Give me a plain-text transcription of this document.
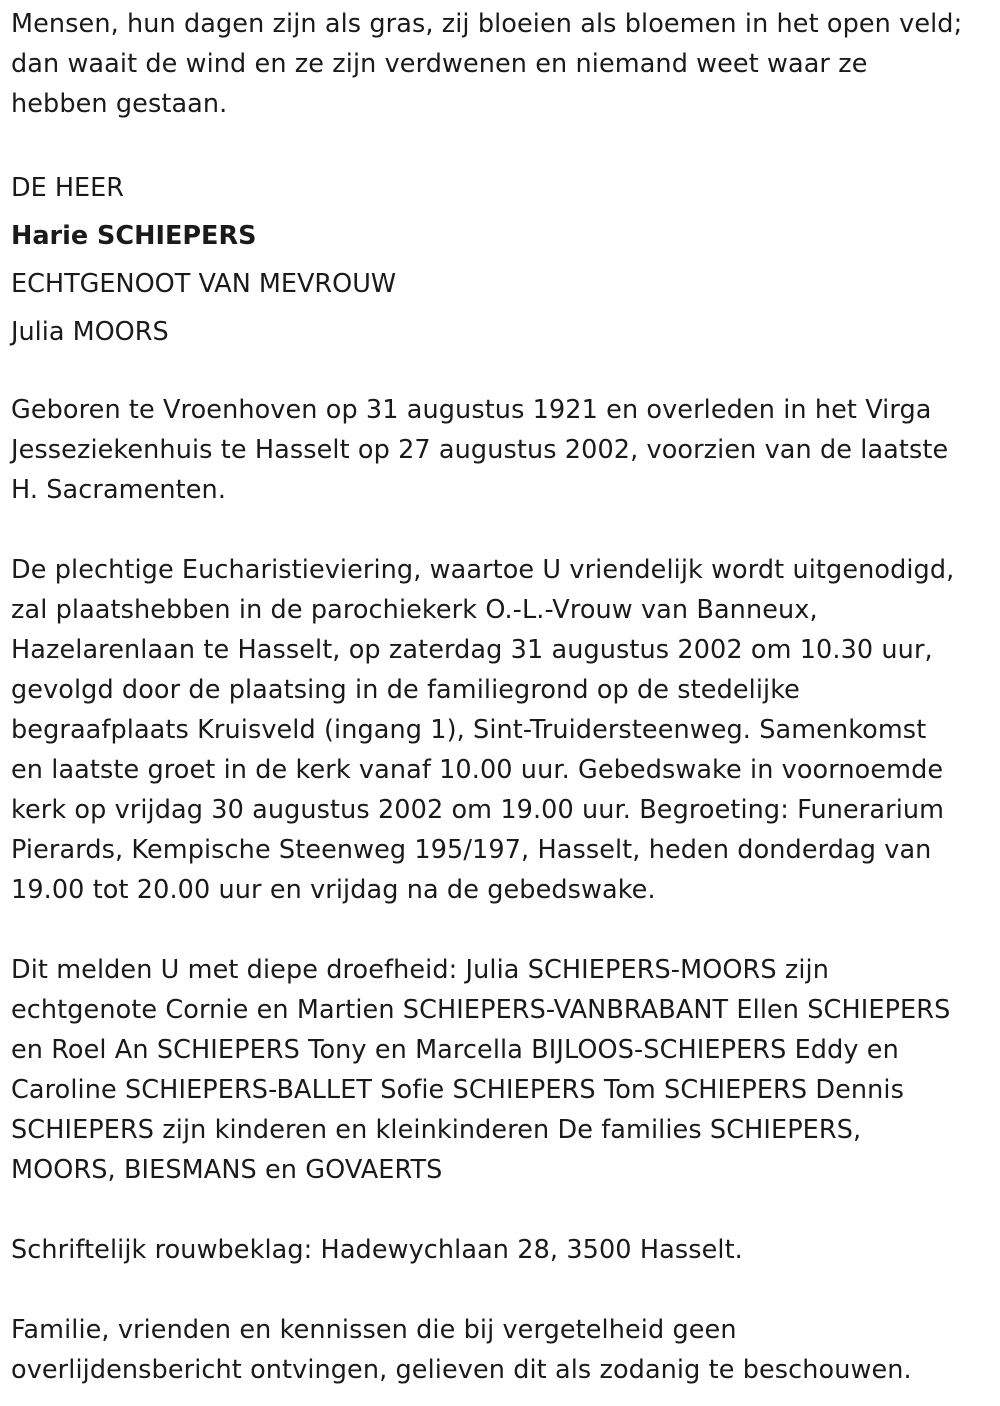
Mensen, hun dagen zijn als gras, zij bloeien als bloemen in het open veld;
dan waait de wind en ze zijn verdwenen en niemand weet waar ze
hebben gestaan.

DE HEER
Harie SCHIEPERS
ECHTGENOOT VAN MEVROUW
Julia MOORS

Geboren te Vroenhoven op 31 augustus 1921 en overleden in het Virga
Jesseziekenhuis te Hasselt op 27 augustus 2002, voorzien van de laatste
H. Sacramenten.

De plechtige Eucharistieviering, waartoe U vriendelijk wordt uitgenodigd,
zal plaatshebben in de parochiekerk O.-L.-Vrouw van Banneux,
Hazelarenlaan te Hasselt, op zaterdag 31 augustus 2002 om 10.30 uur,
gevolgd door de plaatsing in de familiegrond op de stedelijke
begraafplaats Kruisveld (ingang 1), Sint-Truidersteenweg. Samenkomst
en laatste groet in de kerk vanaf 10.00 uur. Gebedswake in voornoemde
kerk op vrijdag 30 augustus 2002 om 19.00 uur. Begroeting: Funerarium
Pierards, Kempische Steenweg 195/197, Hasselt, heden donderdag van
19.00 tot 20.00 uur en vrijdag na de gebedswake.

Dit melden U met diepe droefheid: Julia SCHIEPERS-MOORS zijn
echtgenote Cornie en Martien SCHIEPERS-VANBRABANT Ellen SCHIEPERS
en Roel An SCHIEPERS Tony en Marcella BIJLOOS-SCHIEPERS Eddy en
Caroline SCHIEPERS-BALLET Sofie SCHIEPERS Tom SCHIEPERS Dennis
SCHIEPERS zijn kinderen en kleinkinderen De families SCHIEPERS,
MOORS, BIESMANS en GOVAERTS

Schriftelijk rouwbeklag: Hadewychlaan 28, 3500 Hasselt.

Familie, vrienden en kennissen die bij vergetelheid geen
overlijdensbericht ontvingen, gelieven dit als zodanig te beschouwen.
